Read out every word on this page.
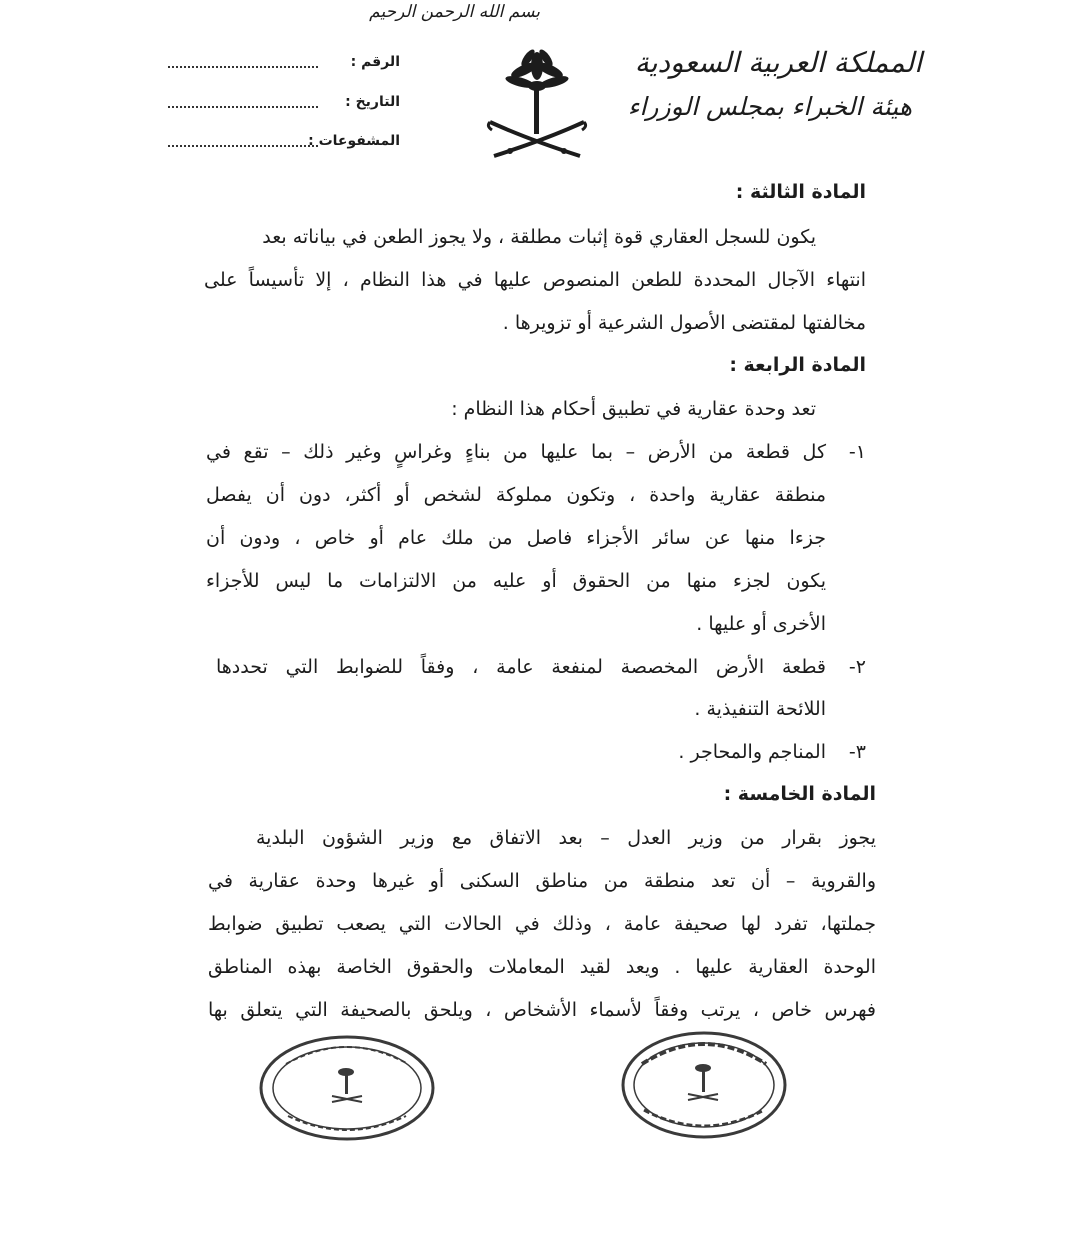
بسم الله الرحمن الرحيم
المملكة العربية السعودية
هيئة الخبراء بمجلس الوزراء
الرقم :
التاريخ :
المشفوعات :
المادة الثالثة :
يكون للسجل العقاري قوة إثبات مطلقة ، ولا يجوز الطعن في بياناته بعد
انتهاء الآجال المحددة للطعن المنصوص عليها في هذا النظام ، إلا تأسيساً على
مخالفتها لمقتضى الأصول الشرعية أو تزويرها .
المادة الرابعة :
تعد وحدة عقارية في تطبيق أحكام هذا النظام :
١-
كل قطعة من الأرض – بما عليها من بناءٍ وغراسٍ وغير ذلك – تقع في
منطقة عقارية واحدة ، وتكون مملوكة لشخص أو أكثر، دون أن يفصل
جزءا منها عن سائر الأجزاء فاصل من ملك عام أو خاص ، ودون أن
يكون لجزء منها من الحقوق أو عليه من الالتزامات ما ليس للأجزاء
الأخرى أو عليها .
٢-
قطعة الأرض المخصصة لمنفعة عامة ، وفقاً للضوابط التي تحددها
اللائحة التنفيذية .
٣-
المناجم والمحاجر .
المادة الخامسة :
يجوز بقرار من وزير العدل – بعد الاتفاق مع وزير الشؤون البلدية
والقروية – أن تعد منطقة من مناطق السكنى أو غيرها وحدة عقارية في
جملتها، تفرد لها صحيفة عامة ، وذلك في الحالات التي يصعب تطبيق ضوابط
الوحدة العقارية عليها . ويعد لقيد المعاملات والحقوق الخاصة بهذه المناطق
فهرس خاص ، يرتب وفقاً لأسماء الأشخاص ، ويلحق بالصحيفة التي يتعلق بها
